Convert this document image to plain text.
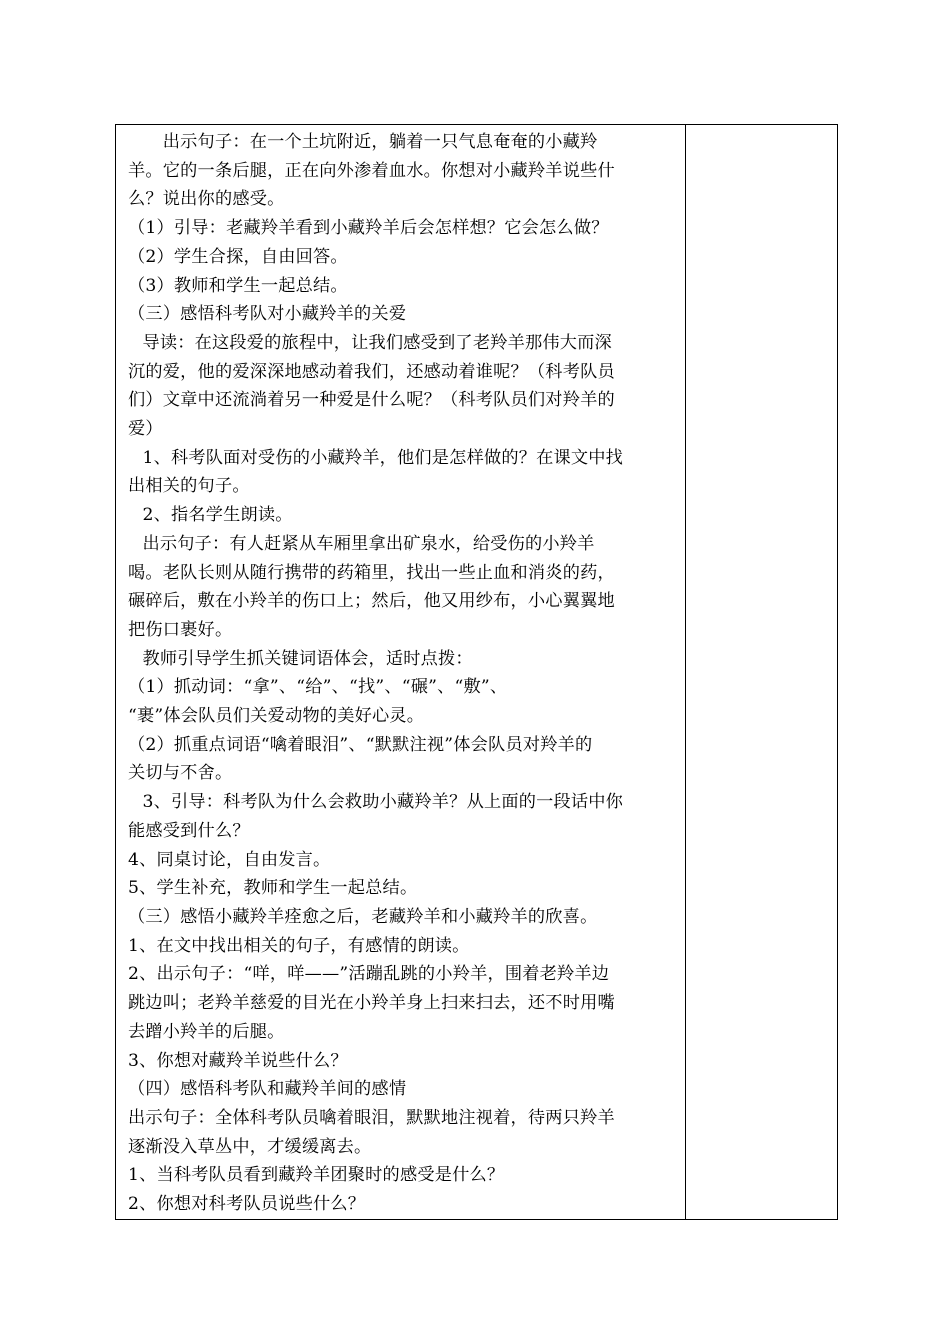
　　出示句子：在一个土坑附近，躺着一只气息奄奄的小藏羚

羊。它的一条后腿，正在向外渗着血水。你想对小藏羚羊说些什

么？说出你的感受。

（1）引导：老藏羚羊看到小藏羚羊后会怎样想？它会怎么做？

（2）学生合探，自由回答。

（3）教师和学生一起总结。

（三）感悟科考队对小藏羚羊的关爱

  导读：在这段爱的旅程中，让我们感受到了老羚羊那伟大而深

沉的爱，他的爱深深地感动着我们，还感动着谁呢？（科考队员

们）文章中还流淌着另一种爱是什么呢？（科考队员们对羚羊的

爱）

  1、科考队面对受伤的小藏羚羊，他们是怎样做的？在课文中找

出相关的句子。

  2、指名学生朗读。

  出示句子：有人赶紧从车厢里拿出矿泉水，给受伤的小羚羊

喝。老队长则从随行携带的药箱里，找出一些止血和消炎的药，

碾碎后，敷在小羚羊的伤口上；然后，他又用纱布，小心翼翼地

把伤口裹好。

  教师引导学生抓关键词语体会，适时点拨：

（1）抓动词：“拿”、“给”、“找”、“碾”、“敷”、

“裹”体会队员们关爱动物的美好心灵。

（2）抓重点词语“噙着眼泪”、“默默注视”体会队员对羚羊的

关切与不舍。

  3、引导：科考队为什么会救助小藏羚羊？从上面的一段话中你

能感受到什么？

4、同桌讨论，自由发言。

5、学生补充，教师和学生一起总结。

（三）感悟小藏羚羊痊愈之后，老藏羚羊和小藏羚羊的欣喜。

1、在文中找出相关的句子，有感情的朗读。

2、出示句子：“咩，咩——”活蹦乱跳的小羚羊，围着老羚羊边

跳边叫；老羚羊慈爱的目光在小羚羊身上扫来扫去，还不时用嘴

去蹭小羚羊的后腿。

3、你想对藏羚羊说些什么？

（四）感悟科考队和藏羚羊间的感情

出示句子：全体科考队员噙着眼泪，默默地注视着，待两只羚羊

逐渐没入草丛中，才缓缓离去。

1、当科考队员看到藏羚羊团聚时的感受是什么？

2、你想对科考队员说些什么？
